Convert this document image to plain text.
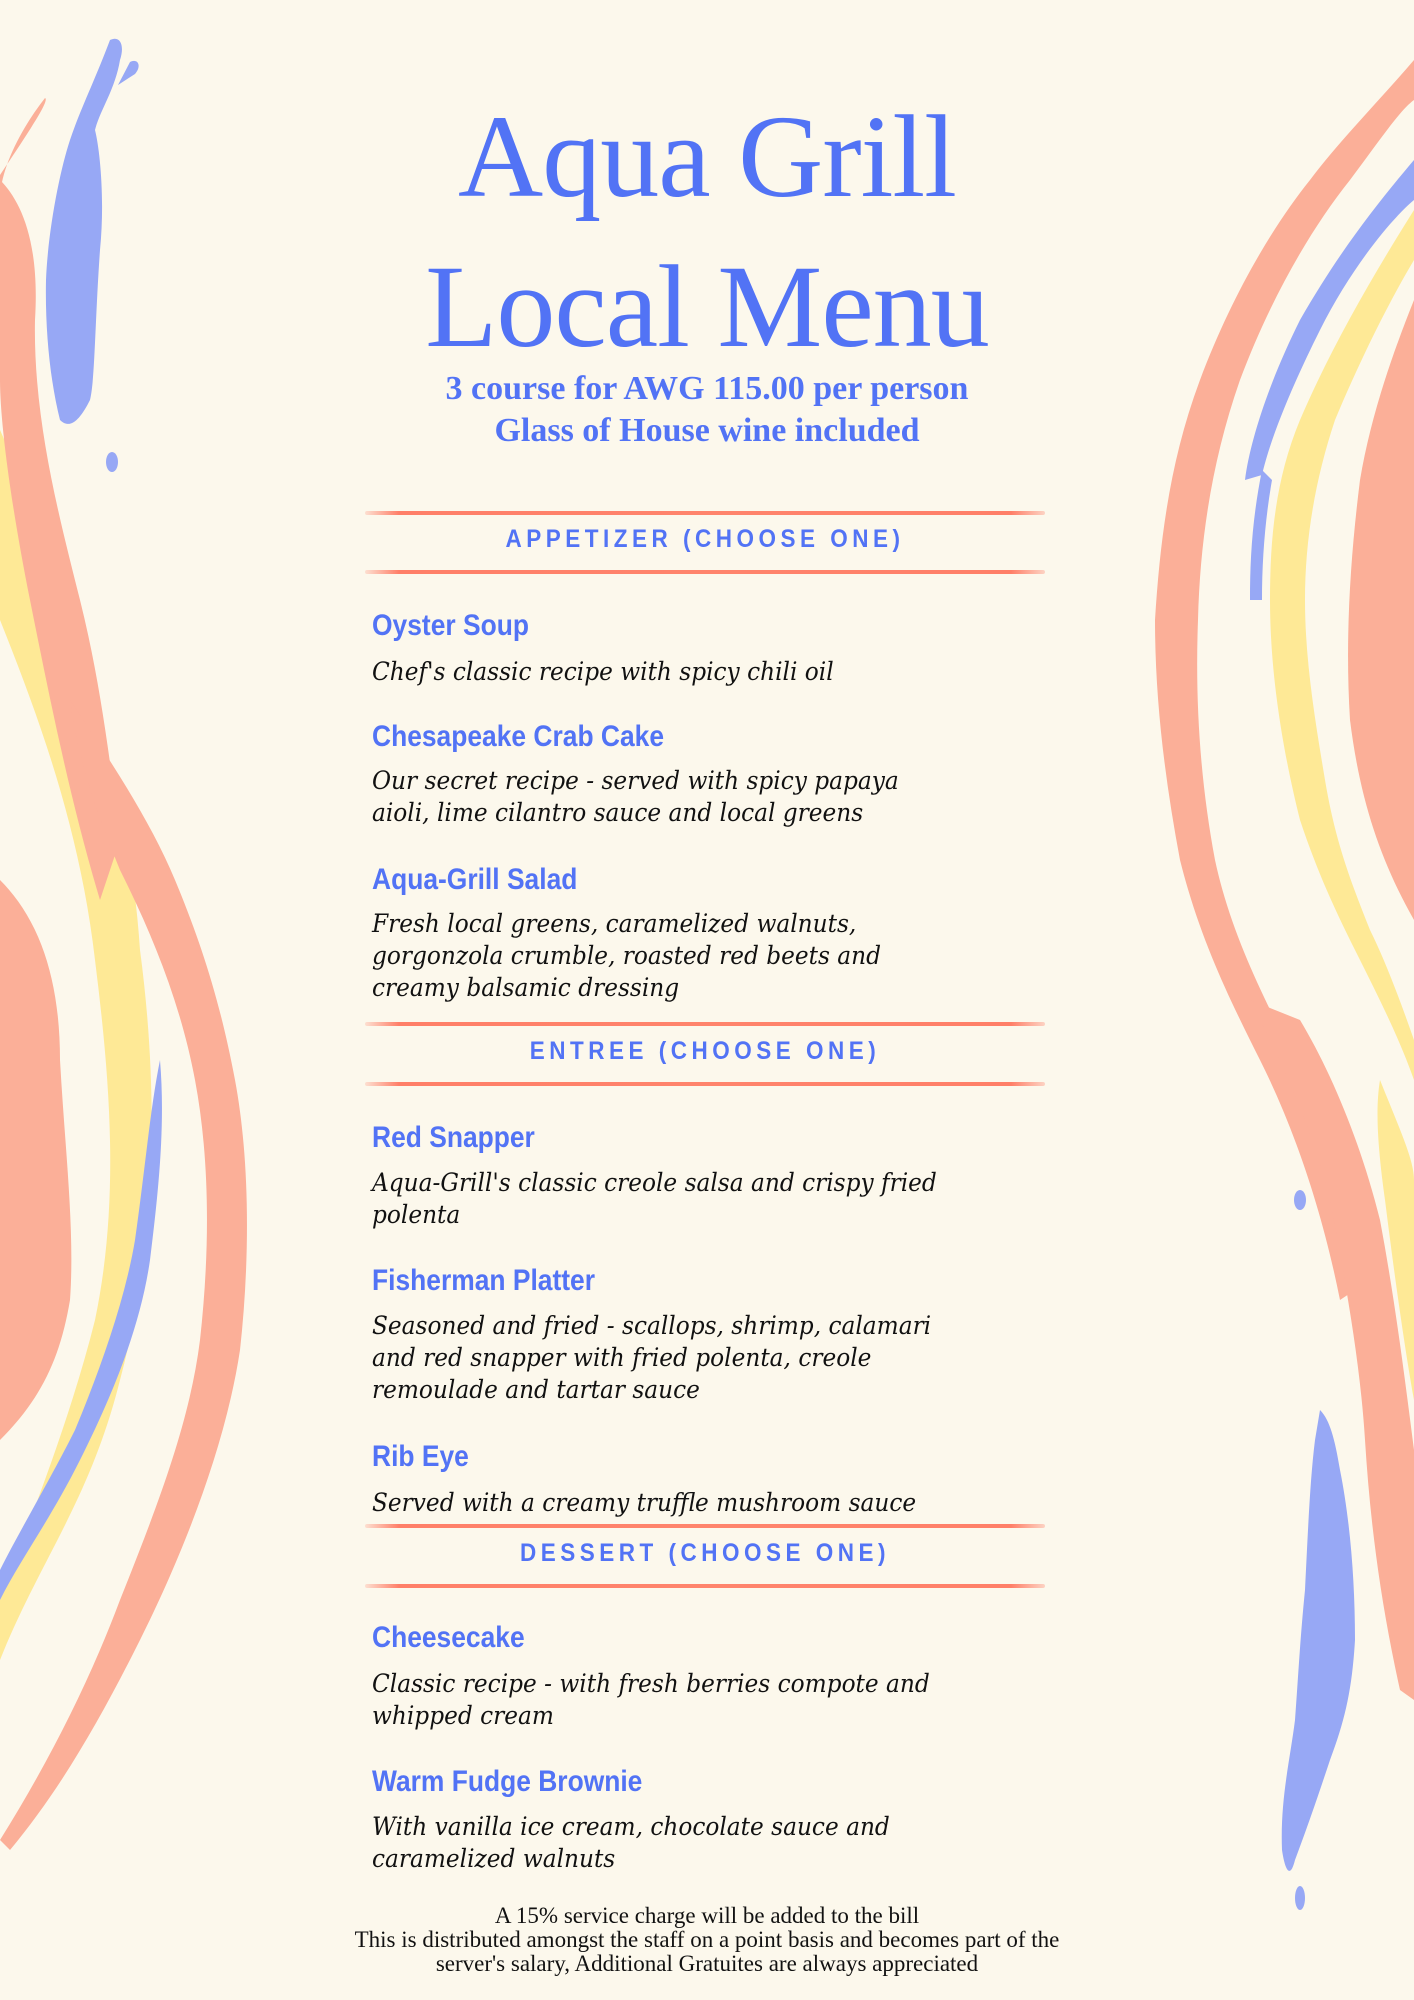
Aqua Grill
Local Menu

3 course for AWG 115.00 per person

Glass of House wine included

APPETIZER (CHOOSE ONE)
Oyster Soup

Chef's classic recipe with spicy chili oil

Chesapeake Crab Cake

Our secret recipe - served with spicy papaya

aioli, lime cilantro sauce and local greens

Aqua-Grill Salad

Fresh local greens, caramelized walnuts,

gorgonzola crumble, roasted red beets and

creamy balsamic dressing

ENTREE (CHOOSE ONE)
Red Snapper

Aqua-Grill's classic creole salsa and crispy fried

polenta

Fisherman Platter

Seasoned and fried - scallops, shrimp, calamari

and red snapper with fried polenta, creole

remoulade and tartar sauce

Rib Eye

Served with a creamy truffle mushroom sauce

DESSERT (CHOOSE ONE)
Cheesecake

Classic recipe - with fresh berries compote and

whipped cream

Warm Fudge Brownie

With vanilla ice cream, chocolate sauce and

caramelized walnuts

A 15% service charge will be added to the bill

This is distributed amongst the staff on a point basis and becomes part of the

server's salary, Additional Gratuites are always appreciated
